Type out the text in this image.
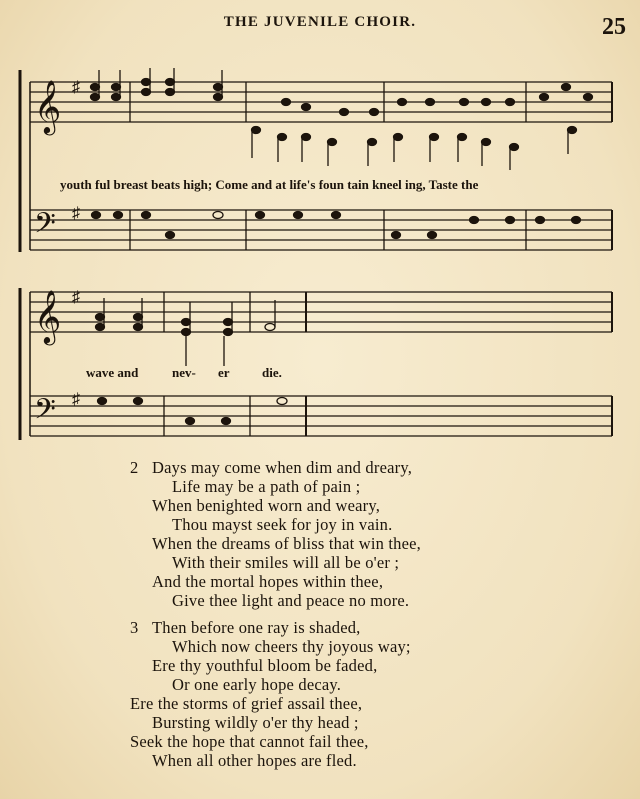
THE JUVENILE CHOIR.	25
𝄞 ♯
𝄢 ♯
𝄞 ♯
𝄢 ♯
youth ful breast beats high; Come and at life's foun tain kneel ing, Taste the
wave and	nev- er die.
2 Days may come when dim and dreary,
Life may be a path of pain ;
When benighted worn and weary,
Thou mayst seek for joy in vain.
When the dreams of bliss that win thee,
With their smiles will all be o'er ;
And the mortal hopes within thee,
Give thee light and peace no more.
3 Then before one ray is shaded,
Which now cheers thy joyous way;
Ere thy youthful bloom be faded,
Or one early hope decay.
Ere the storms of grief assail thee,
Bursting wildly o'er thy head ;
Seek the hope that cannot fail thee,
When all other hopes are fled.
